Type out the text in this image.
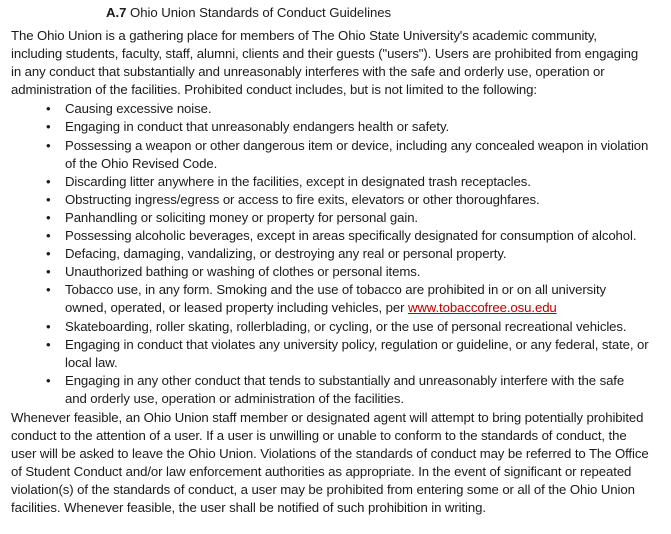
A.7 Ohio Union Standards of Conduct Guidelines

The Ohio Union is a gathering place for members of The Ohio State University's academic community, including students, faculty, staff, alumni, clients and their guests ("users"). Users are prohibited from engaging in any conduct that substantially and unreasonably interferes with the safe and orderly use, operation or administration of the facilities. Prohibited conduct includes, but is not limited to the following:

•	Causing excessive noise.
•	Engaging in conduct that unreasonably endangers health or safety.
•	Possessing a weapon or other dangerous item or device, including any concealed weapon in violation of the Ohio Revised Code.
•	Discarding litter anywhere in the facilities, except in designated trash receptacles.
•	Obstructing ingress/egress or access to fire exits, elevators or other thoroughfares.
•	Panhandling or soliciting money or property for personal gain.
•	Possessing alcoholic beverages, except in areas specifically designated for consumption of alcohol.
•	Defacing, damaging, vandalizing, or destroying any real or personal property.
•	Unauthorized bathing or washing of clothes or personal items.
•	Tobacco use, in any form. Smoking and the use of tobacco are prohibited in or on all university owned, operated, or leased property including vehicles, per www.tobaccofree.osu.edu
•	Skateboarding, roller skating, rollerblading, or cycling, or the use of personal recreational vehicles.
•	Engaging in conduct that violates any university policy, regulation or guideline, or any federal, state, or local law.
•	Engaging in any other conduct that tends to substantially and unreasonably interfere with the safe and orderly use, operation or administration of the facilities.

Whenever feasible, an Ohio Union staff member or designated agent will attempt to bring potentially prohibited conduct to the attention of a user. If a user is unwilling or unable to conform to the standards of conduct, the user will be asked to leave the Ohio Union. Violations of the standards of conduct may be referred to The Office of Student Conduct and/or law enforcement authorities as appropriate. In the event of significant or repeated violation(s) of the standards of conduct, a user may be prohibited from entering some or all of the Ohio Union facilities. Whenever feasible, the user shall be notified of such prohibition in writing.
